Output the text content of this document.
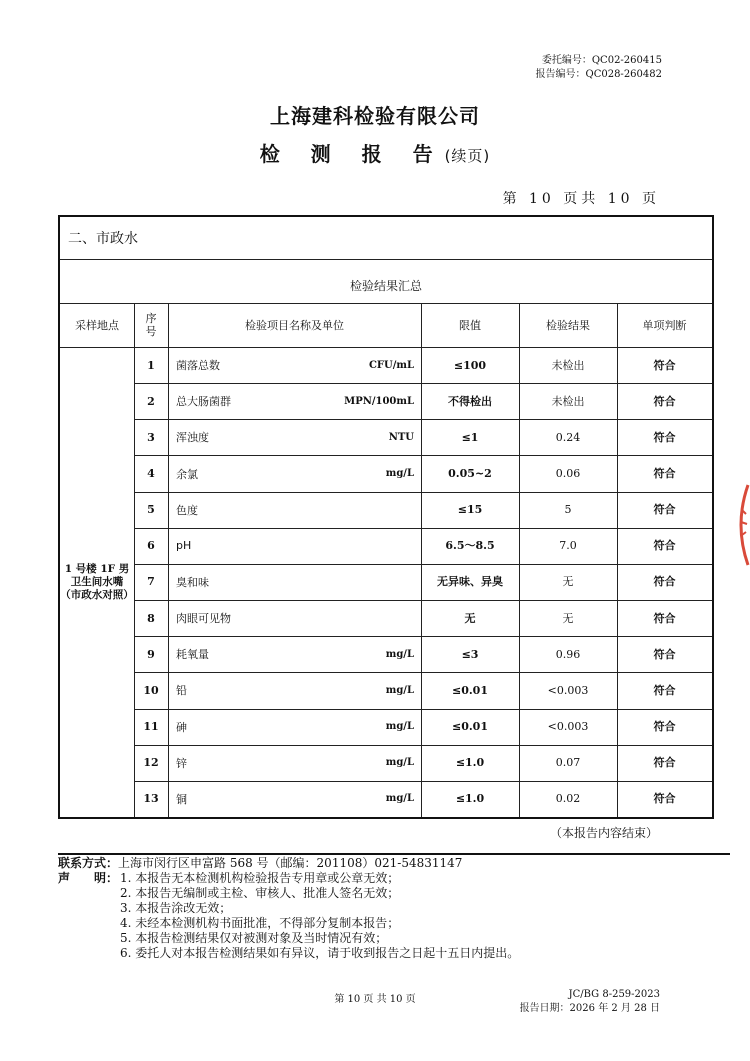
委托编号：QC02-260415
报告编号：QC028-260482
上海建科检验有限公司
检 测 报 告(续页)
第 10 页共 10 页
二、市政水
检验结果汇总
采样地点	序
号	检验项目名称及单位	限值	检验结果	单项判断
1 号楼 1F 男
卫生间水嘴
（市政水对照）
1	菌落总数	CFU/mL	≤100	未检出	符合
2	总大肠菌群	MPN/100mL	不得检出	未检出	符合
3	浑浊度	NTU	≤1	0.24	符合
4	余氯	mg/L	0.05~2	0.06	符合
5	色度	≤15	5	符合
6	pH	6.5～8.5	7.0	符合
7	臭和味	无异味、异臭	无	符合
8	肉眼可见物	无	无	符合
9	耗氧量	mg/L	≤3	0.96	符合
10	铅	mg/L	≤0.01	<0.003	符合
11	砷	mg/L	≤0.01	<0.003	符合
12	锌	mg/L	≤1.0	0.07	符合
13	铜	mg/L	≤1.0	0.02	符合
（本报告内容结束）
联系方式：上海市闵行区申富路 568 号（邮编：201108）021-54831147
声　　明： 1. 本报告无本检测机构检验报告专用章或公章无效；
2. 本报告无编制或主检、审核人、批准人签名无效；
3. 本报告涂改无效；
4. 未经本检测机构书面批准，不得部分复制本报告；
5. 本报告检测结果仅对被测对象及当时情况有效；
6. 委托人对本报告检测结果如有异议，请于收到报告之日起十五日内提出。
第 10 页 共 10 页	JC/BG 8-259-2023
报告日期：2026 年 2 月 28 日
